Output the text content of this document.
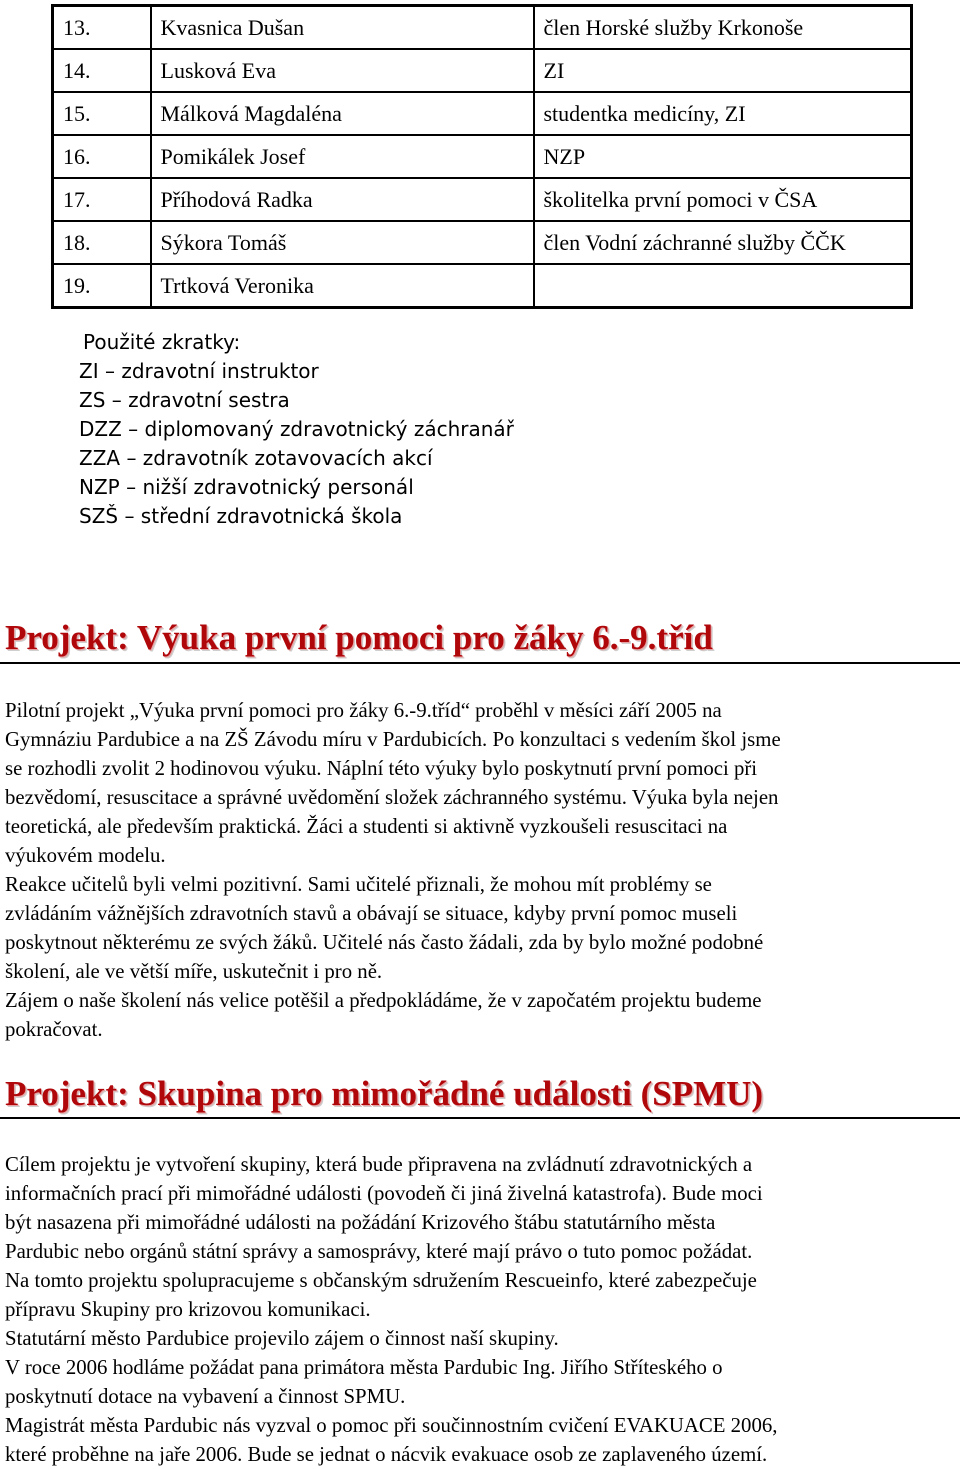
13.	Kvasnica Dušan	člen Horské služby Krkonoše
14.	Lusková Eva	ZI
15.	Málková Magdaléna	studentka medicíny, ZI
16.	Pomikálek Josef	NZP
17.	Příhodová Radka	školitelka první pomoci v ČSA
18.	Sýkora Tomáš	člen Vodní záchranné služby ČČK
19.	Trtková Veronika	
Použité zkratky:
ZI – zdravotní instruktor
ZS – zdravotní sestra
DZZ – diplomovaný zdravotnický záchranář
ZZA – zdravotník zotavovacích akcí
NZP – nižší zdravotnický personál
SZŠ – střední zdravotnická škola
Projekt: Výuka první pomoci pro žáky 6.-9.tříd

Pilotní projekt „Výuka první pomoci pro žáky 6.-9.tříd“ proběhl v měsíci září 2005 na

Gymnáziu Pardubice a na ZŠ Závodu míru v Pardubicích. Po konzultaci s vedením škol jsme

se rozhodli zvolit 2 hodinovou výuku. Náplní této výuky bylo poskytnutí první pomoci při

bezvědomí, resuscitace a správné uvědomění složek záchranného systému. Výuka byla nejen

teoretická, ale především praktická. Žáci a studenti si aktivně vyzkoušeli resuscitaci na

výukovém modelu.

Reakce učitelů byli velmi pozitivní. Sami učitelé přiznali, že mohou mít problémy se

zvládáním vážnějších zdravotních stavů a obávají se situace, kdyby první pomoc museli

poskytnout některému ze svých žáků. Učitelé nás často žádali, zda by bylo možné podobné

školení, ale ve větší míře, uskutečnit i pro ně.

Zájem o naše školení nás velice potěšil a předpokládáme, že v započatém projektu budeme

pokračovat.

Projekt: Skupina pro mimořádné události (SPMU)

Cílem projektu je vytvoření skupiny, která bude připravena na zvládnutí zdravotnických a

informačních prací při mimořádné události (povodeň či jiná živelná katastrofa). Bude moci

být nasazena při mimořádné události na požádání Krizového štábu statutárního města

Pardubic nebo orgánů státní správy a samosprávy, které mají právo o tuto pomoc požádat.

Na tomto projektu spolupracujeme s občanským sdružením Rescueinfo, které zabezpečuje

přípravu Skupiny pro krizovou komunikaci.

Statutární město Pardubice projevilo zájem o činnost naší skupiny.

V roce 2006 hodláme požádat pana primátora města Pardubic Ing. Jiřího Stříteského o

poskytnutí dotace na vybavení a činnost SPMU.

Magistrát města Pardubic nás vyzval o pomoc při součinnostním cvičení EVAKUACE 2006,

které proběhne na jaře 2006. Bude se jednat o nácvik evakuace osob ze zaplaveného území.
